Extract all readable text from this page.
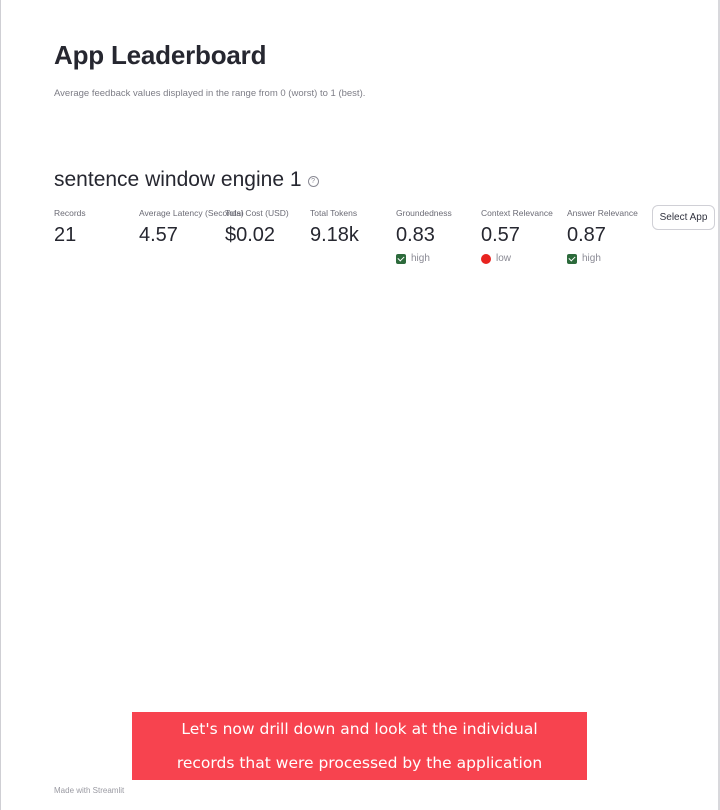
App Leaderboard
Average feedback values displayed in the range from 0 (worst) to 1 (best).
sentence window engine 1	?
Records
21
Average Latency (Seconds)
4.57
Total Cost (USD)
$0.02
Total Tokens
9.18k
Groundedness
0.83
high
Context Relevance
0.57
low
Answer Relevance
0.87
high
Select App
Let's now drill down and look at the individual
records that were processed by the application
Made with Streamlit
